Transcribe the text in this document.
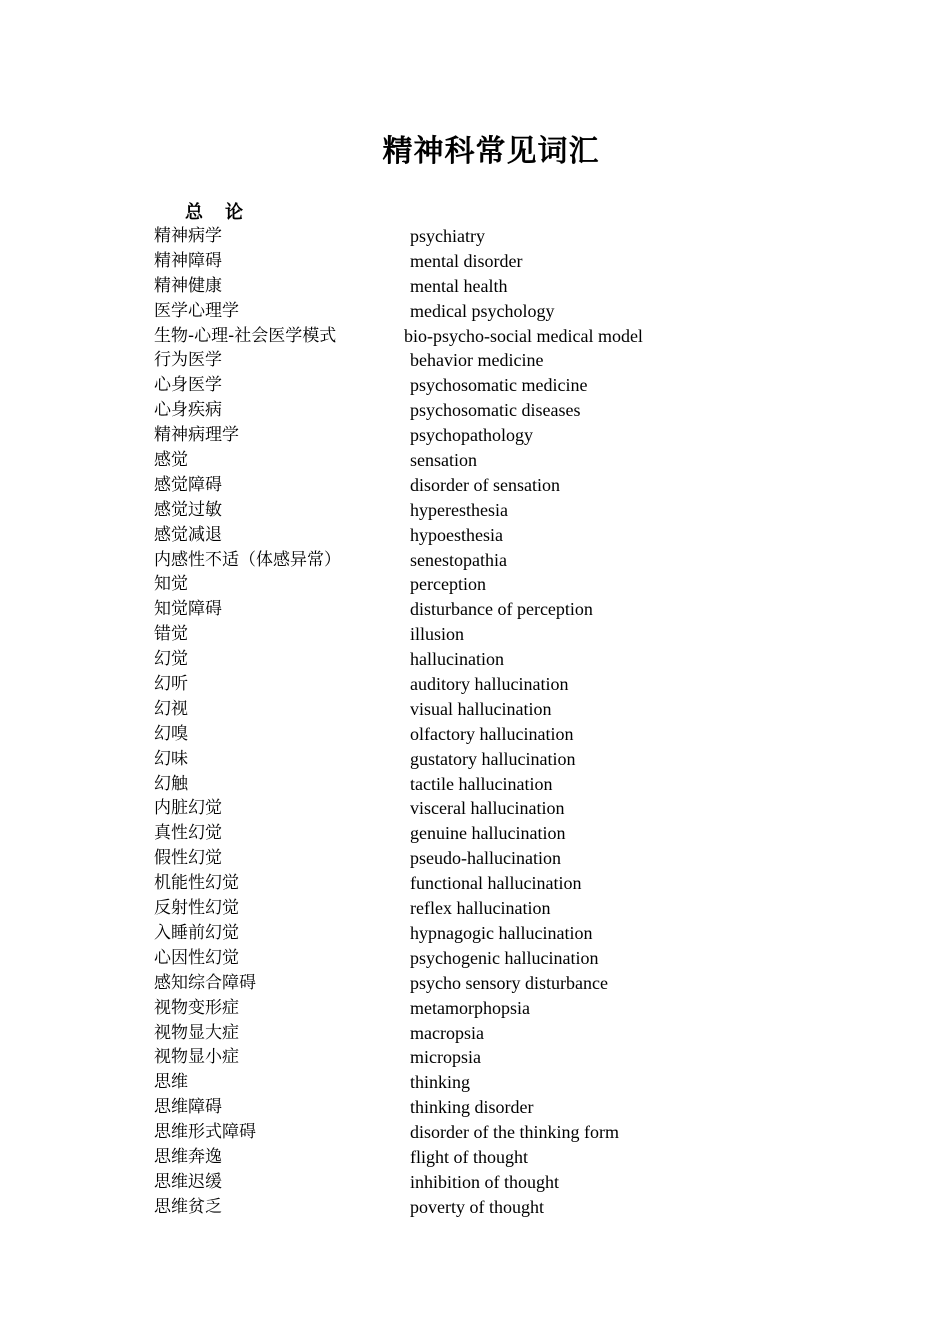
精神科常见词汇
总　论
精神病学	psychiatry
精神障碍	mental disorder
精神健康	mental health
医学心理学	medical psychology
生物-心理-社会医学模式	bio-psycho-social medical model
行为医学	behavior medicine
心身医学	psychosomatic medicine
心身疾病	psychosomatic diseases
精神病理学	psychopathology
感觉	sensation
感觉障碍	disorder of sensation
感觉过敏	hyperesthesia
感觉减退	hypoesthesia
内感性不适（体感异常）	senestopathia
知觉	perception
知觉障碍	disturbance of perception
错觉	illusion
幻觉	hallucination
幻听	auditory hallucination
幻视	visual hallucination
幻嗅	olfactory hallucination
幻味	gustatory hallucination
幻触	tactile hallucination
内脏幻觉	visceral hallucination
真性幻觉	genuine hallucination
假性幻觉	pseudo-hallucination
机能性幻觉	functional hallucination
反射性幻觉	reflex hallucination
入睡前幻觉	hypnagogic hallucination
心因性幻觉	psychogenic hallucination
感知综合障碍	psycho sensory disturbance
视物变形症	metamorphopsia
视物显大症	macropsia
视物显小症	micropsia
思维	thinking
思维障碍	thinking disorder
思维形式障碍	disorder of the thinking form
思维奔逸	flight of thought
思维迟缓	inhibition of thought
思维贫乏	poverty of thought
